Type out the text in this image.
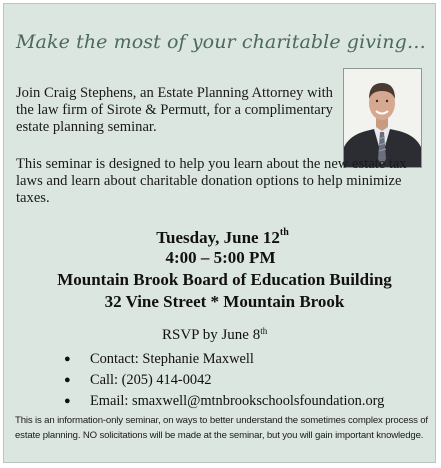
Make the most of your charitable giving…
Join Craig Stephens, an Estate Planning Attorney with the law firm of Sirote & Permutt, for a complimentary estate planning seminar.
This seminar is designed to help you learn about the new estate tax laws and learn about charitable donation options to help minimize taxes.
Tuesday, June 12th
4:00 – 5:00 PM
Mountain Brook Board of Education Building
32 Vine Street * Mountain Brook
RSVP by June 8th
● Contact: Stephanie Maxwell
● Call: (205) 414-0042
● Email: smaxwell@mtnbrookschoolsfoundation.org
This is an information-only seminar, on ways to better understand the sometimes complex process of estate planning. NO solicitations will be made at the seminar, but you will gain important knowledge.
